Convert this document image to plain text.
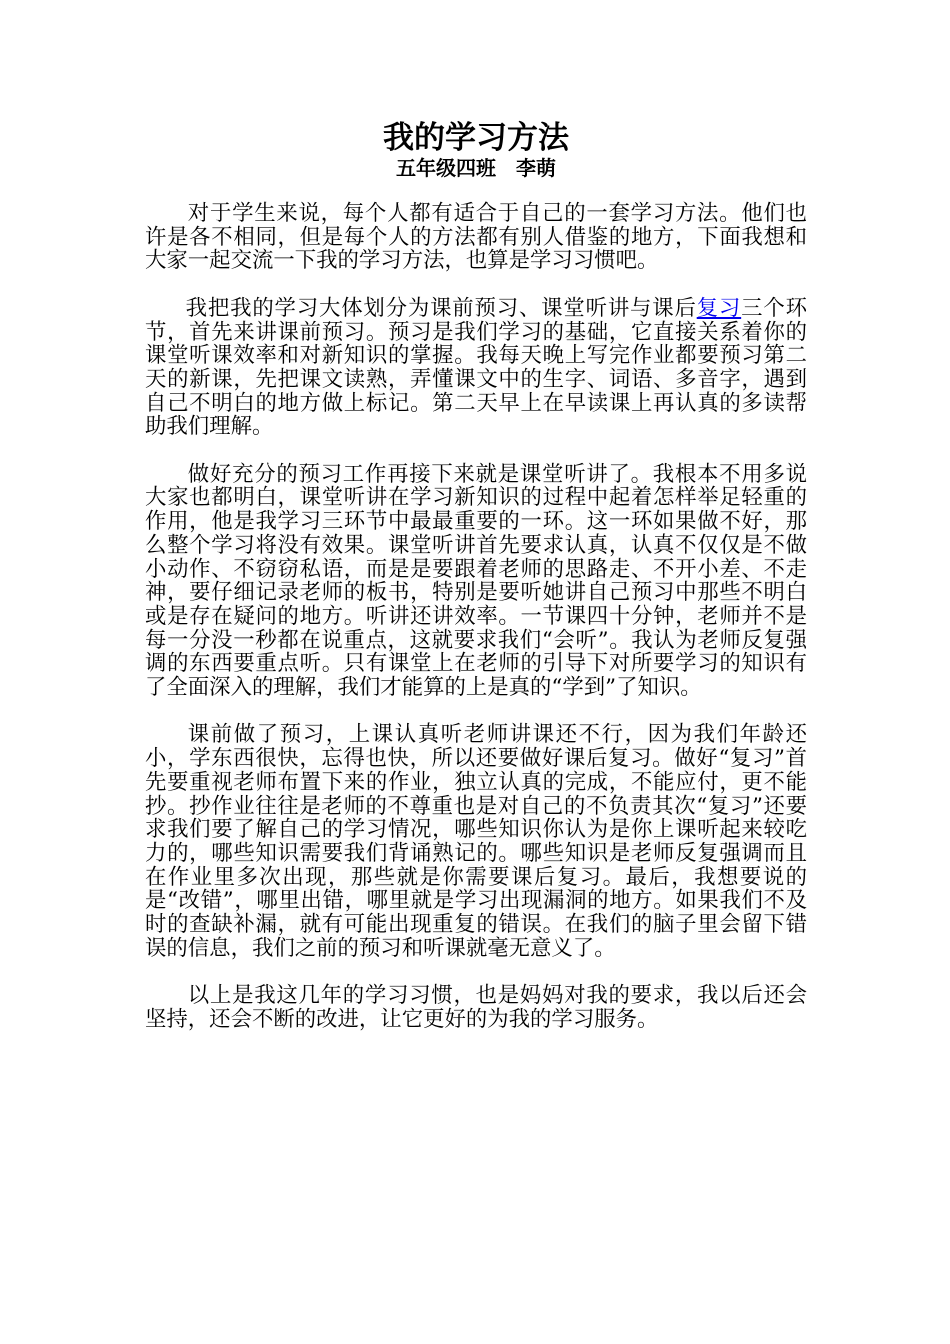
我的学习方法
五年级四班　李萌

对于学生来说，每个人都有适合于自己的一套学习方法。他们也许是各不相同，但是每个人的方法都有别人借鉴的地方，下面我想和大家一起交流一下我的学习方法，也算是学习习惯吧。

我把我的学习大体划分为课前预习、课堂听讲与课后复习三个环节，首先来讲课前预习。预习是我们学习的基础，它直接关系着你的课堂听课效率和对新知识的掌握。我每天晚上写完作业都要预习第二天的新课，先把课文读熟，弄懂课文中的生字、词语、多音字，遇到自己不明白的地方做上标记。第二天早上在早读课上再认真的多读帮助我们理解。

做好充分的预习工作再接下来就是课堂听讲了。我根本不用多说大家也都明白，课堂听讲在学习新知识的过程中起着怎样举足轻重的作用，他是我学习三环节中最最重要的一环。这一环如果做不好，那么整个学习将没有效果。课堂听讲首先要求认真，认真不仅仅是不做小动作、不窃窃私语，而是是要跟着老师的思路走、不开小差、不走神，要仔细记录老师的板书，特别是要听她讲自己预习中那些不明白或是存在疑问的地方。听讲还讲效率。一节课四十分钟，老师并不是每一分没一秒都在说重点，这就要求我们“会听”。我认为老师反复强调的东西要重点听。只有课堂上在老师的引导下对所要学习的知识有了全面深入的理解，我们才能算的上是真的“学到”了知识。

课前做了预习，上课认真听老师讲课还不行，因为我们年龄还小，学东西很快，忘得也快，所以还要做好课后复习。做好“复习”首先要重视老师布置下来的作业，独立认真的完成，不能应付，更不能抄。抄作业往往是老师的不尊重也是对自己的不负责其次“复习”还要求我们要了解自己的学习情况，哪些知识你认为是你上课听起来较吃力的，哪些知识需要我们背诵熟记的。哪些知识是老师反复强调而且在作业里多次出现，那些就是你需要课后复习。最后，我想要说的是“改错”，哪里出错，哪里就是学习出现漏洞的地方。如果我们不及时的查缺补漏，就有可能出现重复的错误。在我们的脑子里会留下错误的信息，我们之前的预习和听课就毫无意义了。

以上是我这几年的学习习惯，也是妈妈对我的要求，我以后还会坚持，还会不断的改进，让它更好的为我的学习服务。
